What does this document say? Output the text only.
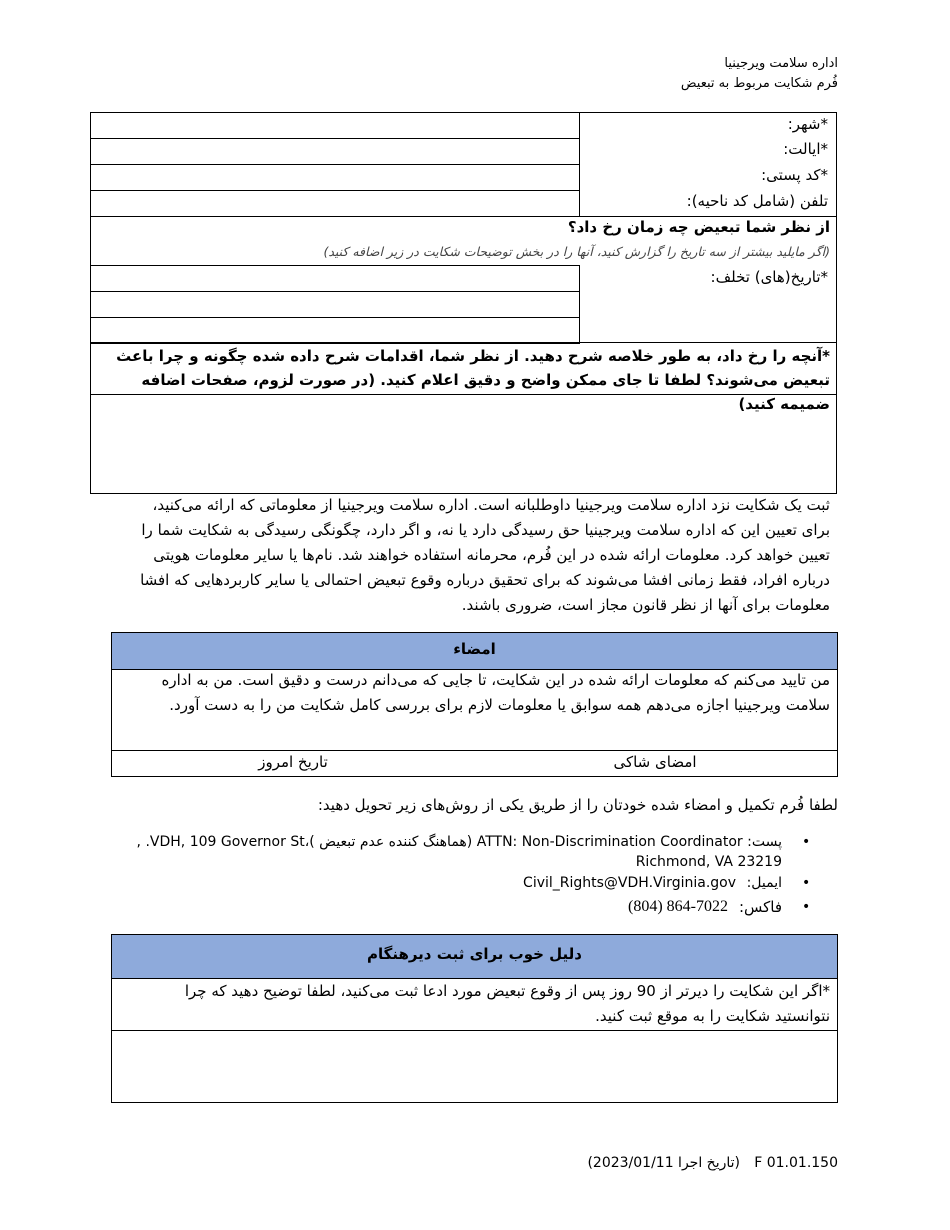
اداره سلامت ویرجینیا
فُرم شکایت مربوط به تبعیض
*شهر:
*ایالت:
*کد پستی:
تلفن (شامل کد ناحیه):
از نظر شما تبعیض چه زمان رخ داد؟
(اگر مایلید بیشتر از سه تاریخ را گزارش کنید، آنها را در بخش توضیحات شکایت در زیر اضافه کنید)
*تاریخ(های) تخلف:
*آنچه را رخ داد، به طور خلاصه شرح دهید. از نظر شما، اقدامات شرح داده شده چگونه و چرا باعث تبعیض می‌شوند؟ لطفا تا جای ممکن واضح و دقیق اعلام کنید. (در صورت لزوم، صفحات اضافه ضمیمه کنید)
ثبت یک شکایت نزد اداره سلامت ویرجینیا داوطلبانه است. اداره سلامت ویرجینیا از معلوماتی که ارائه می‌کنید، برای تعیین این که اداره سلامت ویرجینیا حق رسیدگی دارد یا نه، و اگر دارد، چگونگی رسیدگی به شکایت شما را تعیین خواهد کرد. معلومات ارائه شده در این فُرم، محرمانه استفاده خواهند شد. نام‌ها یا سایر معلومات هویتی درباره افراد، فقط زمانی افشا می‌شوند که برای تحقیق درباره وقوع تبعیض احتمالی یا سایر کاربردهایی که افشا معلومات برای آنها از نظر قانون مجاز است، ضروری باشند.
امضاء
من تایید می‌کنم که معلومات ارائه شده در این شکایت، تا جایی که می‌دانم درست و دقیق است. من به اداره سلامت ویرجینیا اجازه می‌دهم همه سوابق یا معلومات لازم برای بررسی کامل شکایت من را به دست آورد.
امضای شاکی
تاریخ امروز
لطفا فُرم تکمیل و امضاء شده خودتان را از طریق یکی از روش‌های زیر تحویل دهید:
•
پست: ATTN: Non-Discrimination Coordinator (هماهنگ کننده عدم تبعیض )،VDH, 109 Governor St. ,
Richmond, VA 23219
•
ایمیل:
Civil_Rights@VDH.Virginia.gov
•
فاکس:
(804) 864-7022
دلیل خوب برای ثبت دیرهنگام
*اگر این شکایت را دیرتر از 90 روز پس از وقوع تبعیض مورد ادعا ثبت می‌کنید، لطفا توضیح دهید که چرا نتوانستید شکایت را به موقع ثبت کنید.
F 01.01.150
(تاریخ اجرا 2023/01/11)
